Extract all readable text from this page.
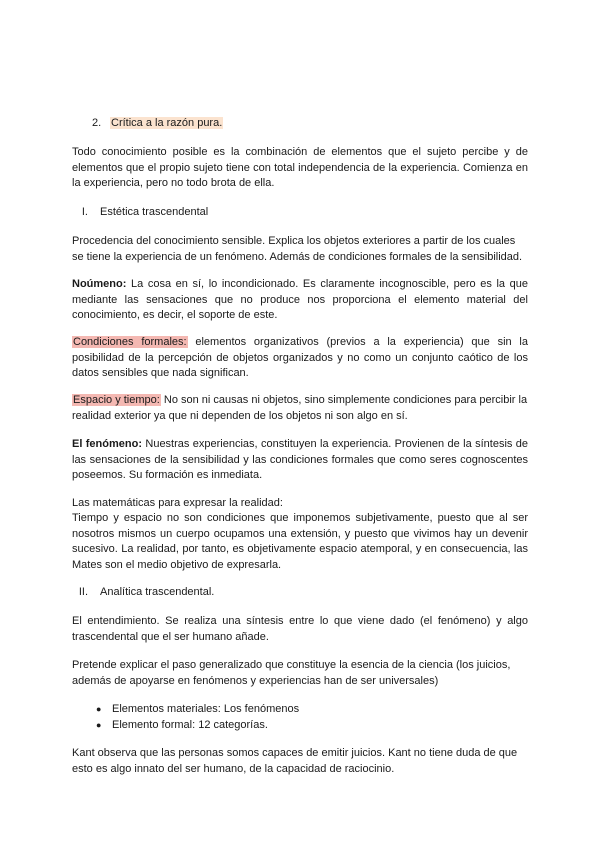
2. Crítica a la razón pura.
Todo conocimiento posible es la combinación de elementos que el sujeto percibe y de elementos que el propio sujeto tiene con total independencia de la experiencia. Comienza en la experiencia, pero no todo brota de ella.
I. Estética trascendental
Procedencia del conocimiento sensible. Explica los objetos exteriores a partir de los cuales se tiene la experiencia de un fenómeno. Además de condiciones formales de la sensibilidad.
Noúmeno: La cosa en sí, lo incondicionado. Es claramente incognoscible, pero es la que mediante las sensaciones que no produce nos proporciona el elemento material del conocimiento, es decir, el soporte de este.
Condiciones formales: elementos organizativos (previos a la experiencia) que sin la posibilidad de la percepción de objetos organizados y no como un conjunto caótico de los datos sensibles que nada significan.
Espacio y tiempo: No son ni causas ni objetos, sino simplemente condiciones para percibir la realidad exterior ya que ni dependen de los objetos ni son algo en sí.
El fenómeno: Nuestras experiencias, constituyen la experiencia. Provienen de la síntesis de las sensaciones de la sensibilidad y las condiciones formales que como seres cognoscentes poseemos. Su formación es inmediata.
Las matemáticas para expresar la realidad:
Tiempo y espacio no son condiciones que imponemos subjetivamente, puesto que al ser nosotros mismos un cuerpo ocupamos una extensión, y puesto que vivimos hay un devenir sucesivo. La realidad, por tanto, es objetivamente espacio atemporal, y en consecuencia, las Mates son el medio objetivo de expresarla.
II. Analítica trascendental.
El entendimiento. Se realiza una síntesis entre lo que viene dado (el fenómeno) y algo trascendental que el ser humano añade.
Pretende explicar el paso generalizado que constituye la esencia de la ciencia (los juicios, además de apoyarse en fenómenos y experiencias han de ser universales)
● Elementos materiales: Los fenómenos
● Elemento formal: 12 categorías.
Kant observa que las personas somos capaces de emitir juicios. Kant no tiene duda de que esto es algo innato del ser humano, de la capacidad de raciocinio.
